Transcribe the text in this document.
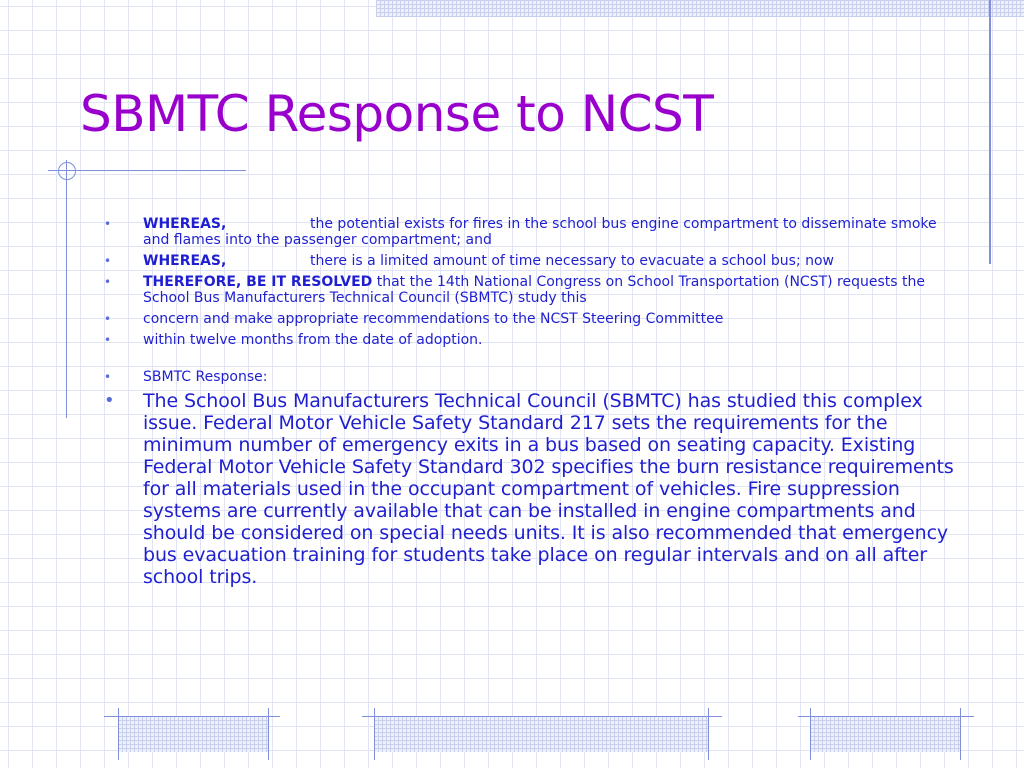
SBMTC Response to NCST
• WHEREAS,	the potential exists for fires in the school bus engine compartment to disseminate smoke and flames into the passenger compartment; and
• WHEREAS,	there is a limited amount of time necessary to evacuate a school bus; now
• THEREFORE, BE IT RESOLVED that the 14th National Congress on School Transportation (NCST) requests the School Bus Manufacturers Technical Council (SBMTC) study this
• concern and make appropriate recommendations to the NCST Steering Committee
• within twelve months from the date of adoption.
• SBMTC Response:
• The School Bus Manufacturers Technical Council (SBMTC) has studied this complex issue. Federal Motor Vehicle Safety Standard 217 sets the requirements for the minimum number of emergency exits in a bus based on seating capacity. Existing Federal Motor Vehicle Safety Standard 302 specifies the burn resistance requirements for all materials used in the occupant compartment of vehicles. Fire suppression systems are currently available that can be installed in engine compartments and should be considered on special needs units. It is also recommended that emergency bus evacuation training for students take place on regular intervals and on all after school trips.
